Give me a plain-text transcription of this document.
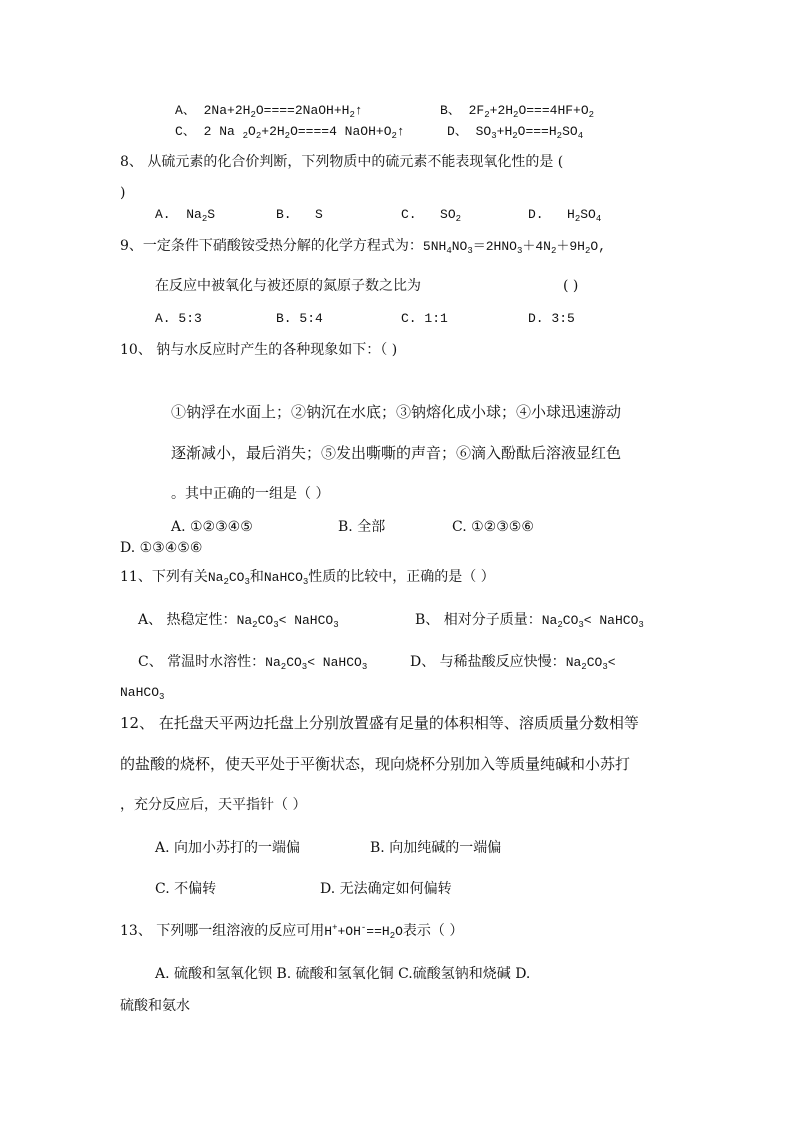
A、 $2Na+2H_2O====2NaOH+H_2↑$	B、 $2F_2+2H_2O===4HF+O_2$
C、 2 Na $_2O_2+2H_2O====4$ $NaOH+O_2↑$	D、 $SO_3+H_2O===H_2SO_4$
8、 从硫元素的化合价判断，下列物质中的硫元素不能表现氧化性的是 (
)
A. $Na_2S$	B. S	C. $SO_2$	D. $H_2SO_4$
9、一定条件下硝酸铵受热分解的化学方程式为：$5NH_4NO_3=2HNO_3+4N_2+9H_2O$,
在反应中被氧化与被还原的氮原子数之比为	( )
A. 5:3	B. 5:4	C. 1:1	D. 3:5
10、 钠与水反应时产生的各种现象如下：（ )
①钠浮在水面上；②钠沉在水底；③钠熔化成小球；④小球迅速游动
逐渐减小，最后消失；⑤发出嘶嘶的声音；⑥滴入酚酞后溶液显红色
。其中正确的一组是（ ）
A. ①②③④⑤	B. 全部	C. ①②③⑤⑥
D. ①③④⑤⑥
11、下列有关$Na_2CO_3$和NaHCO$_3$性质的比较中，正确的是（ ）
A、 热稳定性：$Na_2CO_3<$ NaHCO$_3$	B、 相对分子质量：$Na_2CO_3<$ NaHCO$_3$
C、 常温时水溶性：$Na_2CO_3<$ NaHCO$_3$	D、 与稀盐酸反应快慢：$Na_2CO_3<$
NaHCO$_3$
12、 在托盘天平两边托盘上分别放置盛有足量的体积相等、溶质质量分数相等
的盐酸的烧杯，使天平处于平衡状态，现向烧杯分别加入等质量纯碱和小苏打
，充分反应后，天平指针（ ）
A. 向加小苏打的一端偏	B. 向加纯碱的一端偏
C. 不偏转	D. 无法确定如何偏转
13、 下列哪一组溶液的反应可用$H^++OH^-==H_2O$表示（ ）
A. 硫酸和氢氧化钡 B. 硫酸和氢氧化铜 C.硫酸氢钠和烧碱 D.
硫酸和氨水
